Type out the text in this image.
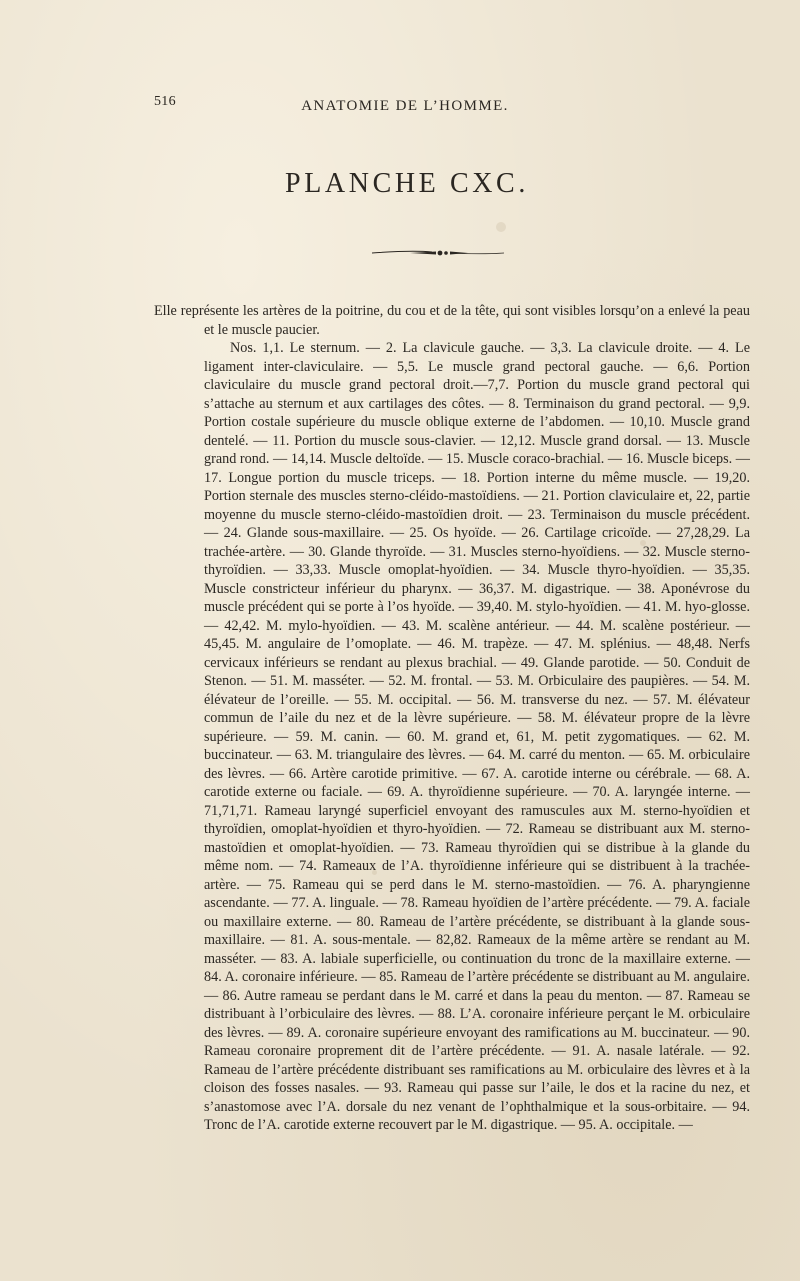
516	ANATOMIE DE L’HOMME.
PLANCHE CXC.

Elle représente les artères de la poitrine, du cou et de la tête, qui sont visibles lorsqu’on a enlevé la peau et le muscle paucier.

Nos. 1,1. Le sternum. — 2. La clavicule gauche. — 3,3. La clavicule droite. — 4. Le ligament inter-claviculaire. — 5,5. Le muscle grand pectoral gauche. — 6,6. Portion claviculaire du muscle grand pectoral droit.—7,7. Portion du muscle grand pectoral qui s’attache au sternum et aux cartilages des côtes. — 8. Terminaison du grand pectoral. — 9,9. Portion costale supérieure du muscle oblique externe de l’abdomen. — 10,10. Muscle grand dentelé. — 11. Portion du muscle sous-clavier. — 12,12. Muscle grand dorsal. — 13. Muscle grand rond. — 14,14. Muscle deltoïde. — 15. Muscle coraco-brachial. — 16. Muscle biceps. — 17. Longue portion du muscle triceps. — 18. Portion interne du même muscle. — 19,20. Portion sternale des muscles sterno-cléido-mastoïdiens. — 21. Portion claviculaire et, 22, partie moyenne du muscle sterno-cléido-mastoïdien droit. — 23. Terminaison du muscle précédent. — 24. Glande sous-maxillaire. — 25. Os hyoïde. — 26. Cartilage cricoïde. — 27,28,29. La trachée-artère. — 30. Glande thyroïde. — 31. Muscles sterno-hyoïdiens. — 32. Muscle sterno-thyroïdien. — 33,33. Muscle omoplat-hyoïdien. — 34. Muscle thyro-hyoïdien. — 35,35. Muscle constricteur inférieur du pharynx. — 36,37. M. digastrique. — 38. Aponévrose du muscle précédent qui se porte à l’os hyoïde. — 39,40. M. stylo-hyoïdien. — 41. M. hyo-glosse. — 42,42. M. mylo-hyoïdien. — 43. M. scalène antérieur. — 44. M. scalène postérieur. — 45,45. M. angulaire de l’omoplate. — 46. M. trapèze. — 47. M. splénius. — 48,48. Nerfs cervicaux inférieurs se rendant au plexus brachial. — 49. Glande parotide. — 50. Conduit de Stenon. — 51. M. masséter. — 52. M. frontal. — 53. M. Orbiculaire des paupières. — 54. M. élévateur de l’oreille. — 55. M. occipital. — 56. M. transverse du nez. — 57. M. élévateur commun de l’aile du nez et de la lèvre supérieure. — 58. M. élévateur propre de la lèvre supérieure. — 59. M. canin. — 60. M. grand et, 61, M. petit zygomatiques. — 62. M. buccinateur. — 63. M. triangulaire des lèvres. — 64. M. carré du menton. — 65. M. orbiculaire des lèvres. — 66. Artère carotide primitive. — 67. A. carotide interne ou cérébrale. — 68. A. carotide externe ou faciale. — 69. A. thyroïdienne supérieure. — 70. A. laryngée interne. — 71,71,71. Rameau laryngé superficiel envoyant des ramuscules aux M. sterno-hyoïdien et thyroïdien, omoplat-hyoïdien et thyro-hyoïdien. — 72. Rameau se distribuant aux M. sterno-mastoïdien et omoplat-hyoïdien. — 73. Rameau thyroïdien qui se distribue à la glande du même nom. — 74. Rameaux de l’A. thyroïdienne inférieure qui se distribuent à la trachée-artère. — 75. Rameau qui se perd dans le M. sterno-mastoïdien. — 76. A. pharyngienne ascendante. — 77. A. linguale. — 78. Rameau hyoïdien de l’artère précédente. — 79. A. faciale ou maxillaire externe. — 80. Rameau de l’artère précédente, se distribuant à la glande sous-maxillaire. — 81. A. sous-mentale. — 82,82. Rameaux de la même artère se rendant au M. masséter. — 83. A. labiale superficielle, ou continuation du tronc de la maxillaire externe. — 84. A. coronaire inférieure. — 85. Rameau de l’artère précédente se distribuant au M. angulaire. — 86. Autre rameau se perdant dans le M. carré et dans la peau du menton. — 87. Rameau se distribuant à l’orbiculaire des lèvres. — 88. L’A. coronaire inférieure perçant le M. orbiculaire des lèvres. — 89. A. coronaire supérieure envoyant des ramifications au M. buccinateur. — 90. Rameau coronaire proprement dit de l’artère précédente. — 91. A. nasale latérale. — 92. Rameau de l’artère précédente distribuant ses ramifications au M. orbiculaire des lèvres et à la cloison des fosses nasales. — 93. Rameau qui passe sur l’aile, le dos et la racine du nez, et s’anastomose avec l’A. dorsale du nez venant de l’ophthalmique et la sous-orbitaire. — 94. Tronc de l’A. carotide externe recouvert par le M. digastrique. — 95. A. occipitale. —
